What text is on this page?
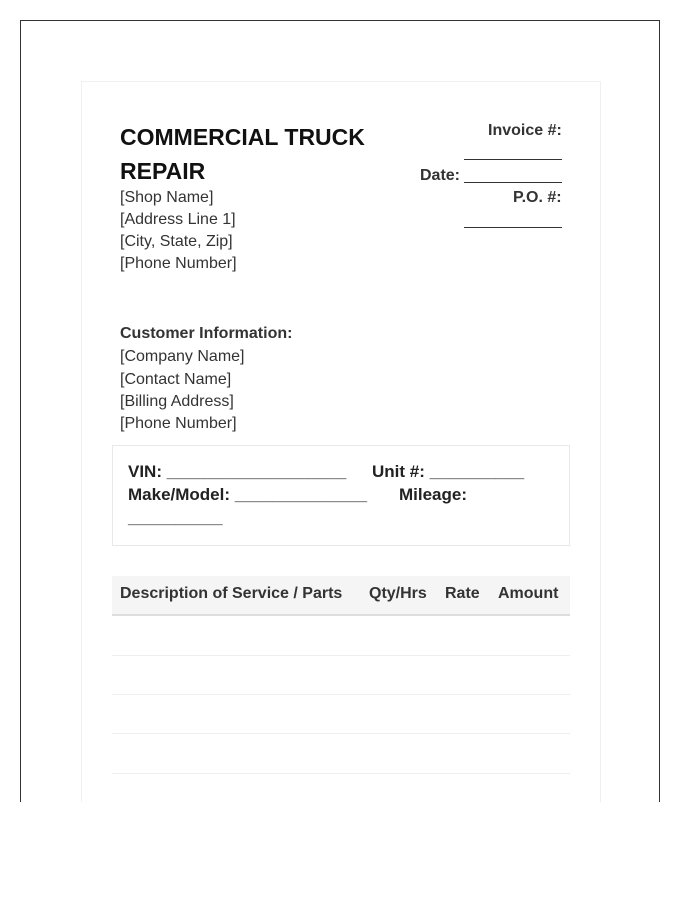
COMMERCIAL TRUCK REPAIR
[Shop Name]
[Address Line 1]
[City, State, Zip]
[Phone Number]
Invoice #:
Date:
P.O. #:
Customer Information:
[Company Name]
[Contact Name]
[Billing Address]
[Phone Number]
VIN: ___________________ Unit #: __________
Make/Model: ______________ Mileage:
__________
Description of Service / Parts Qty/Hrs Rate Amount
